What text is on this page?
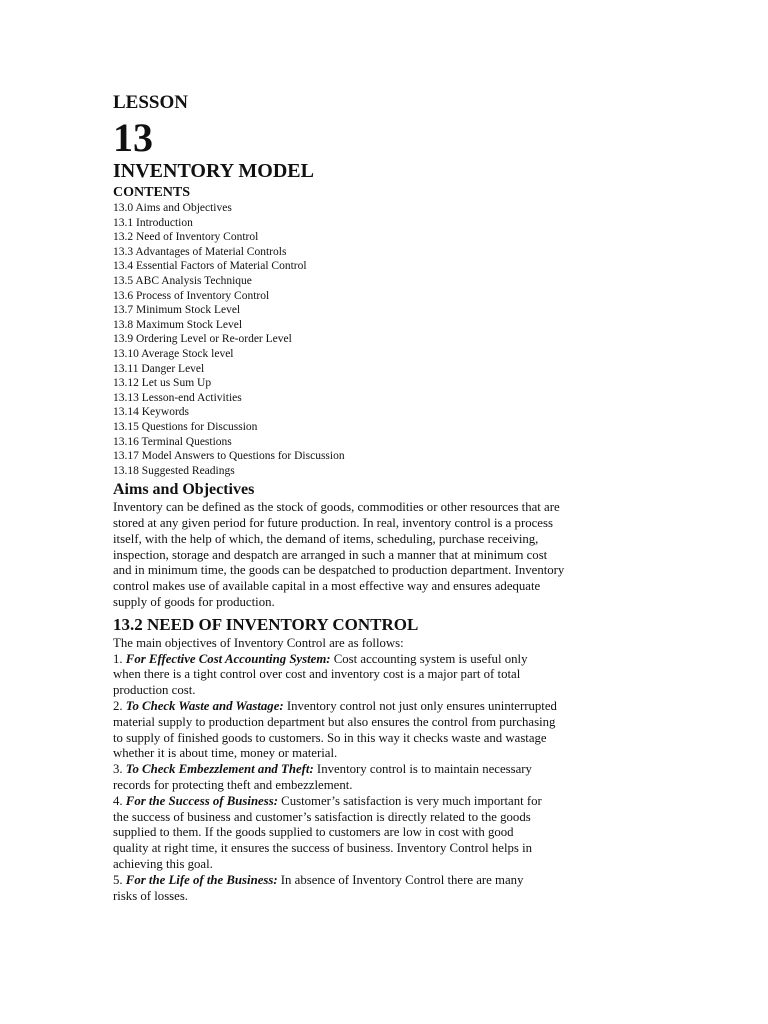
LESSON
13
INVENTORY MODEL
CONTENTS
13.0 Aims and Objectives
13.1 Introduction
13.2 Need of Inventory Control
13.3 Advantages of Material Controls
13.4 Essential Factors of Material Control
13.5 ABC Analysis Technique
13.6 Process of Inventory Control
13.7 Minimum Stock Level
13.8 Maximum Stock Level
13.9 Ordering Level or Re-order Level
13.10 Average Stock level
13.11 Danger Level
13.12 Let us Sum Up
13.13 Lesson-end Activities
13.14 Keywords
13.15 Questions for Discussion
13.16 Terminal Questions
13.17 Model Answers to Questions for Discussion
13.18 Suggested Readings
Aims and Objectives
Inventory can be defined as the stock of goods, commodities or other resources that are
stored at any given period for future production. In real, inventory control is a process
itself, with the help of which, the demand of items, scheduling, purchase receiving,
inspection, storage and despatch are arranged in such a manner that at minimum cost
and in minimum time, the goods can be despatched to production department. Inventory
control makes use of available capital in a most effective way and ensures adequate
supply of goods for production.
13.2 NEED OF INVENTORY CONTROL
The main objectives of Inventory Control are as follows:
1. For Effective Cost Accounting System: Cost accounting system is useful only
when there is a tight control over cost and inventory cost is a major part of total
production cost.
2. To Check Waste and Wastage: Inventory control not just only ensures uninterrupted
material supply to production department but also ensures the control from purchasing
to supply of finished goods to customers. So in this way it checks waste and wastage
whether it is about time, money or material.
3. To Check Embezzlement and Theft: Inventory control is to maintain necessary
records for protecting theft and embezzlement.
4. For the Success of Business: Customer’s satisfaction is very much important for
the success of business and customer’s satisfaction is directly related to the goods
supplied to them. If the goods supplied to customers are low in cost with good
quality at right time, it ensures the success of business. Inventory Control helps in
achieving this goal.
5. For the Life of the Business: In absence of Inventory Control there are many
risks of losses.
